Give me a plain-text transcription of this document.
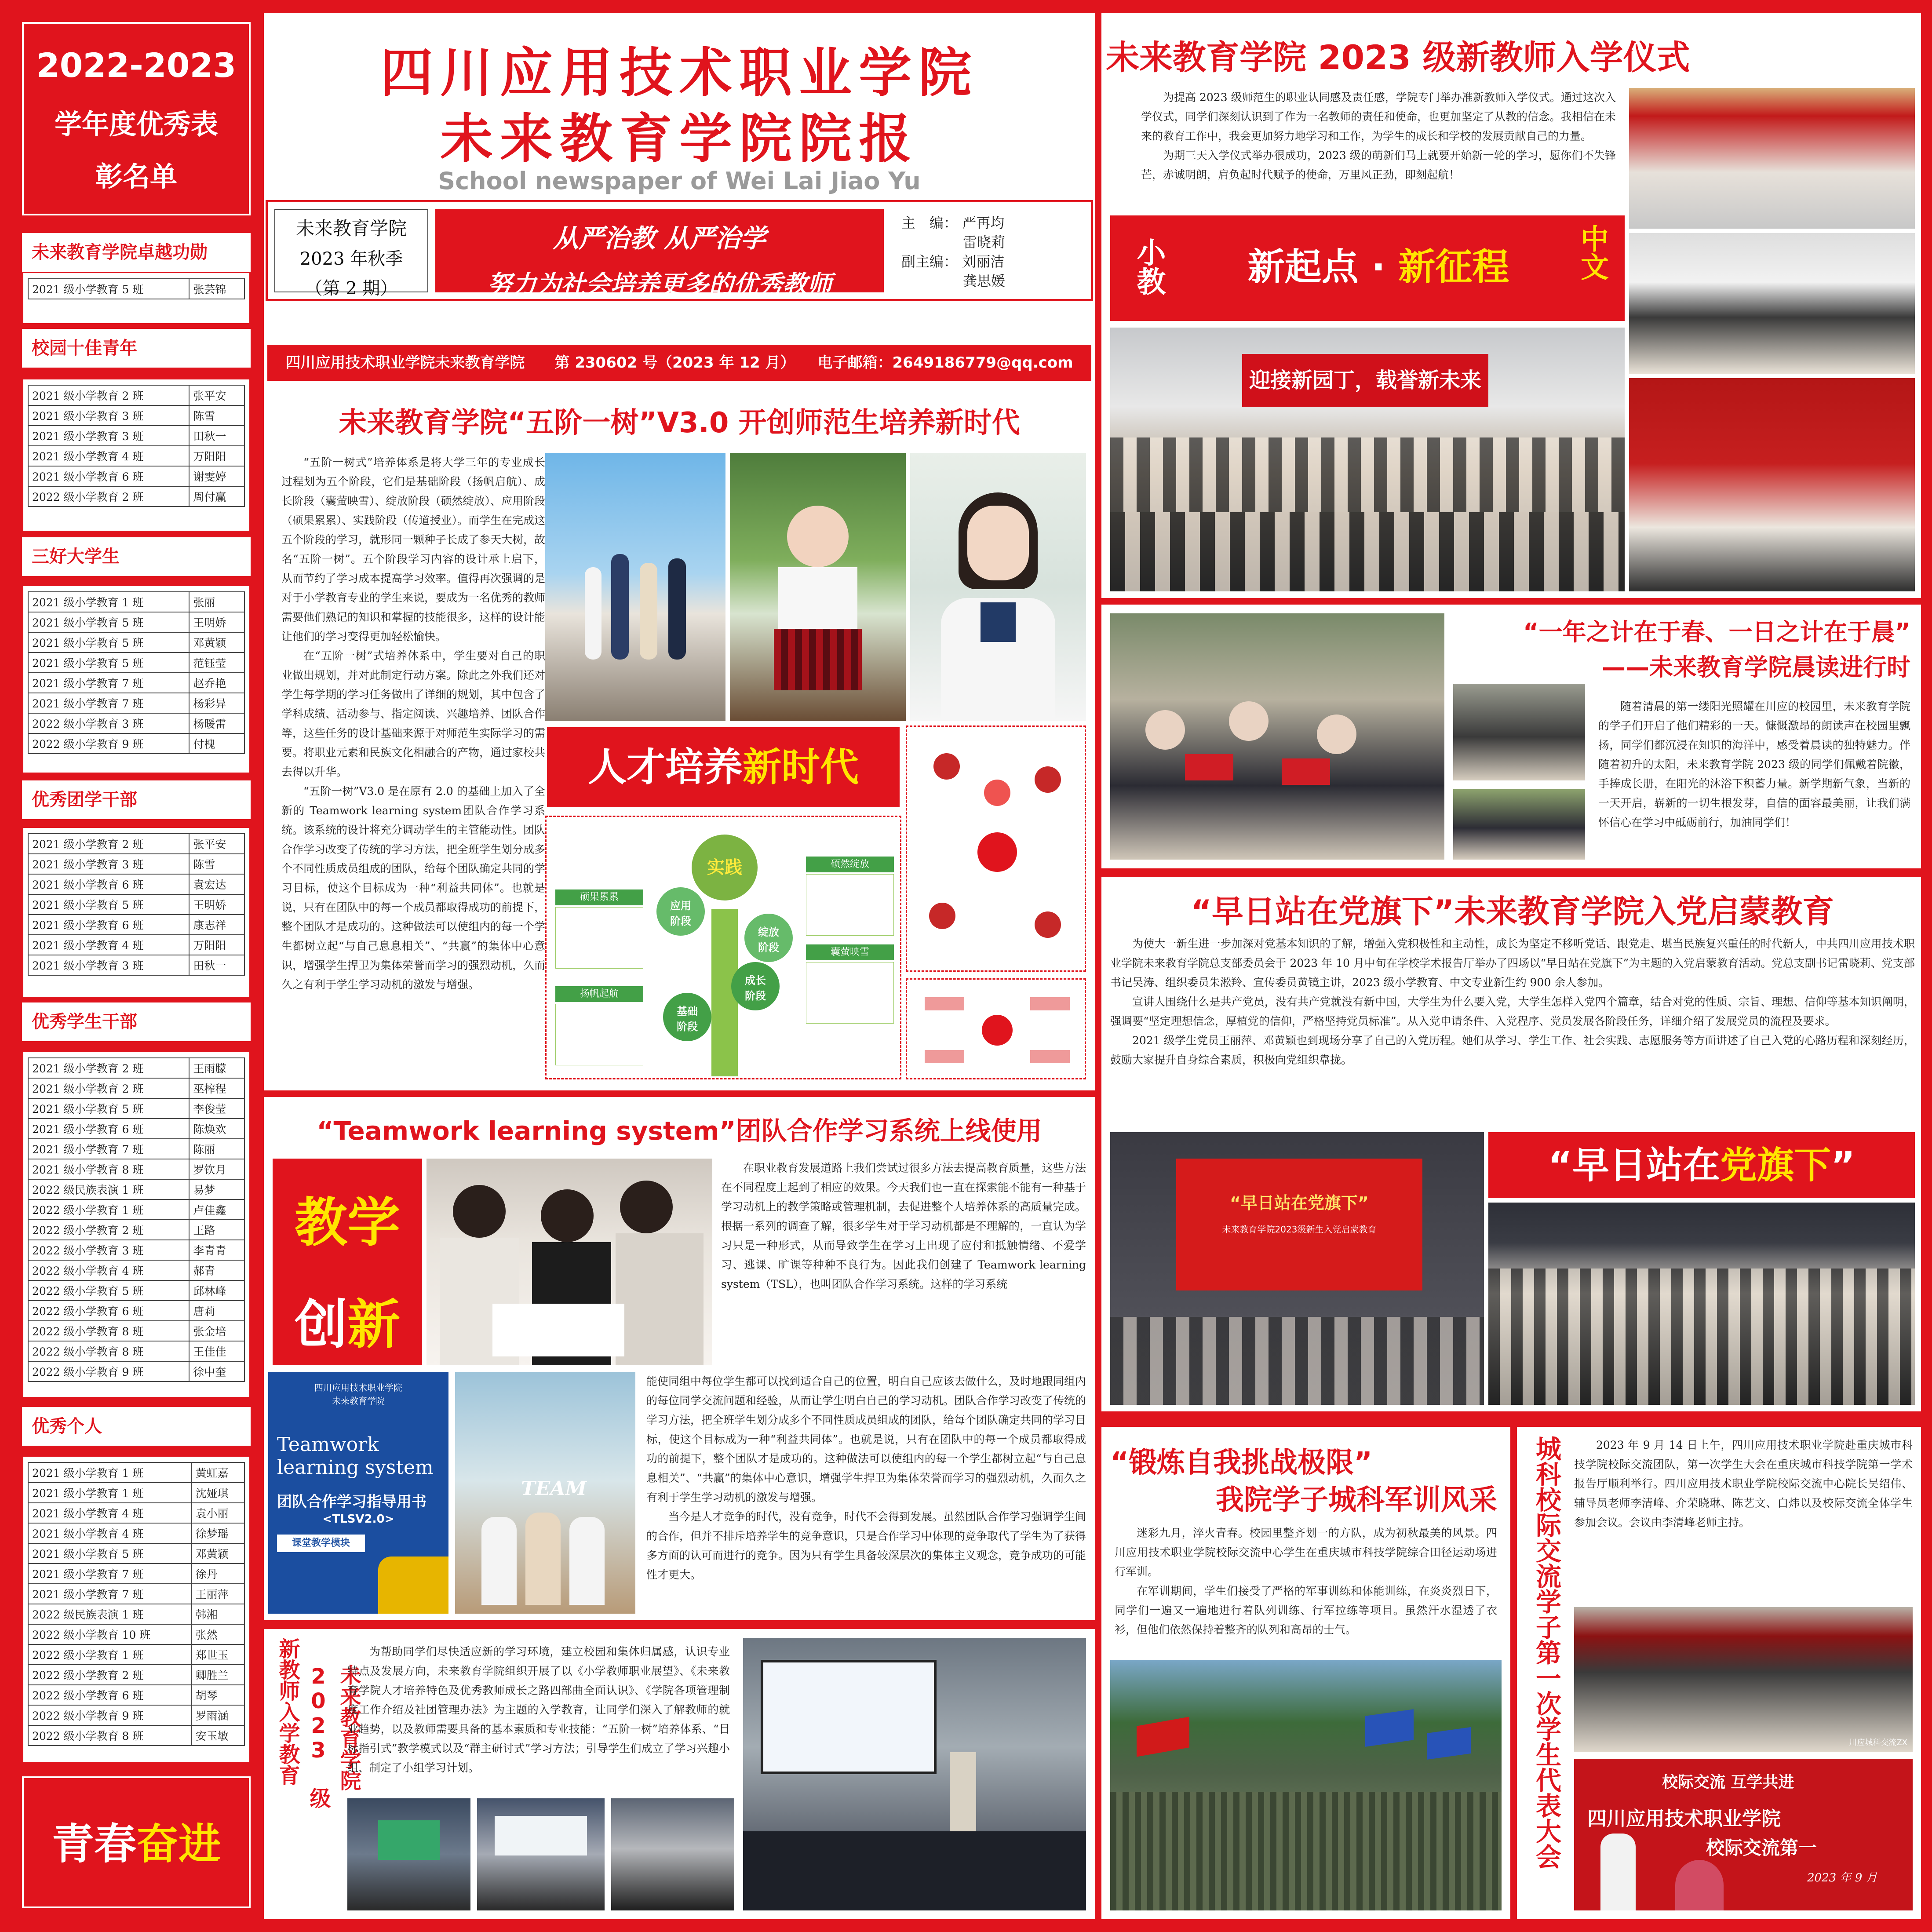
2022-2023
学年度优秀表
彰名单
未来教育学院卓越功勋
2021 级小学教育 5 班	张芸锦
校园十佳青年
2021 级小学教育 2 班	张平安
2021 级小学教育 3 班	陈雪
2021 级小学教育 3 班	田秋一
2021 级小学教育 4 班	万阳阳
2021 级小学教育 6 班	谢雯婷
2022 级小学教育 2 班	周付赢
三好大学生
2021 级小学教育 1 班	张丽
2021 级小学教育 5 班	王明娇
2021 级小学教育 5 班	邓黄颖
2021 级小学教育 5 班	范钰莹
2021 级小学教育 7 班	赵乔艳
2021 级小学教育 7 班	杨彩异
2022 级小学教育 3 班	杨暖雷
2022 级小学教育 9 班	付槐
优秀团学干部
2021 级小学教育 2 班	张平安
2021 级小学教育 3 班	陈雪
2021 级小学教育 6 班	袁宏达
2021 级小学教育 5 班	王明娇
2021 级小学教育 6 班	康志祥
2021 级小学教育 4 班	万阳阳
2021 级小学教育 3 班	田秋一
优秀学生干部
2021 级小学教育 2 班	王雨朦
2021 级小学教育 2 班	巫榨程
2021 级小学教育 5 班	李俊莹
2021 级小学教育 6 班	陈焕欢
2021 级小学教育 7 班	陈丽
2021 级小学教育 8 班	罗钦月
2022 级民族表演 1 班	易梦
2022 级小学教育 1 班	卢佳鑫
2022 级小学教育 2 班	王路
2022 级小学教育 3 班	李青青
2022 级小学教育 4 班	郝青
2022 级小学教育 5 班	邱林峰
2022 级小学教育 6 班	唐莉
2022 级小学教育 8 班	张金培
2022 级小学教育 8 班	王佳佳
2022 级小学教育 9 班	徐中奎
优秀个人
2021 级小学教育 1 班	黄虹嘉
2021 级小学教育 1 班	沈娅琪
2021 级小学教育 4 班	袁小丽
2021 级小学教育 4 班	徐梦瑶
2021 级小学教育 5 班	邓黄颖
2021 级小学教育 7 班	徐丹
2021 级小学教育 7 班	王丽萍
2022 级民族表演 1 班	韩湘
2022 级小学教育 10 班	张然
2022 级小学教育 1 班	郑世玉
2022 级小学教育 2 班	卿胜兰
2022 级小学教育 6 班	胡琴
2022 级小学教育 9 班	罗雨涵
2022 级小学教育 8 班	安玉敏
青春奋进
四川应用技术职业学院
未来教育学院院报
School newspaper of Wei Lai Jiao Yu
未来教育学院
2023 年秋季
（第 2 期）
从严治教 从严治学
努力为社会培养更多的优秀教师
主　编： 严再均
雷晓莉
副主编： 刘丽洁
龚思媛
四川应用技术职业学院未来教育学院　　第 230602 号（2023 年 12 月）　　电子邮箱：2649186779@qq.com
未来教育学院“五阶一树”V3.0 开创师范生培养新时代

“五阶一树式”培养体系是将大学三年的专业成长过程划为五个阶段，它们是基础阶段（扬帆启航）、成长阶段（囊萤映雪）、绽放阶段（硕然绽放）、应用阶段（硕果累累）、实践阶段（传道授业）。而学生在完成这五个阶段的学习，就形同一颗种子长成了参天大树，故名“五阶一树”。五个阶段学习内容的设计承上启下，从而节约了学习成本提高学习效率。值得再次强调的是对于小学教育专业的学生来说，要成为一名优秀的教师需要他们熟记的知识和掌握的技能很多，这样的设计能让他们的学习变得更加轻松愉快。

在“五阶一树”式培养体系中，学生要对自己的职业做出规划，并对此制定行动方案。除此之外我们还对学生每学期的学习任务做出了详细的规划，其中包含了学科成绩、活动参与、指定阅读、兴趣培养、团队合作等，这些任务的设计基础来源于对师范生实际学习的需要。将职业元素和民族文化相融合的产物，通过家校共去得以升华。

“五阶一树”V3.0 是在原有 2.0 的基础上加入了全新的 Teamwork learning system团队合作学习系统。该系统的设计将充分调动学生的主管能动性。团队合作学习改变了传统的学习方法，把全班学生划分成多个不同性质成员组成的团队，给每个团队确定共同的学习目标，使这个目标成为一种“利益共同体”。也就是说，只有在团队中的每一个成员都取得成功的前提下，整个团队才是成功的。这种做法可以使组内的每一个学生都树立起“与自己息息相关”、“共赢”的集体中心意识，增强学生捍卫为集体荣誉而学习的强烈动机，久而久之有利于学生学习动机的激发与增强。

人才培养新时代
实践
应用阶段
绽放阶段
成长阶段
基础阶段
硕果累累
硕然绽放
囊萤映雪
扬帆起航
“Teamwork learning system”团队合作学习系统上线使用
教学
创新

在职业教育发展道路上我们尝试过很多方法去提高教育质量，这些方法在不同程度上起到了相应的效果。今天我们也一直在探索能不能有一种基于学习动机上的教学策略或管理机制，去促进整个人培养体系的高质量完成。根据一系列的调查了解，很多学生对于学习动机都是不理解的，一直认为学习只是一种形式，从而导致学生在学习上出现了应付和抵触情绪、不爱学习、逃课、旷课等种种不良行为。因此我们创建了 Teamwork learning system（TSL），也叫团队合作学习系统。这样的学习系统

四川应用技术职业学院
未来教育学院
Teamwork
learning system
团队合作学习指导用书
<TLSV2.0>
课堂教学模块
TEAM

能使同组中每位学生都可以找到适合自己的位置，明白自己应该去做什么，及时地跟同组内的每位同学交流问题和经验，从而让学生明白自己的学习动机。团队合作学习改变了传统的学习方法，把全班学生划分成多个不同性质成员组成的团队，给每个团队确定共同的学习目标，使这个目标成为一种“利益共同体”。也就是说，只有在团队中的每一个成员都取得成功的前提下，整个团队才是成功的。这种做法可以使组内的每一个学生都树立起“与自己息息相关”、“共赢”的集体中心意识，增强学生捍卫为集体荣誉而学习的强烈动机，久而久之有利于学生学习动机的激发与增强。

当今是人才竞争的时代，没有竞争，时代不会得到发展。虽然团队合作学习强调学生间的合作，但并不排斥培养学生的竞争意识，只是合作学习中体现的竞争取代了学生为了获得多方面的认可而进行的竞争。因为只有学生具备较深层次的集体主义观念，竞争成功的可能性才更大。

新教师入学教育	未来教育学院 2023 级

为帮助同学们尽快适应新的学习环境，建立校园和集体归属感，认识专业特点及发展方向，未来教育学院组织开展了以《小学教师职业展望》、《未来教育学院人才培养特色及优秀教师成长之路四部曲全面认识》、《学院各项管理制度工作介绍及社团管理办法》为主题的入学教育，让同学们深入了解教师的就业趋势，以及教师需要具备的基本素质和专业技能：“五阶一树”培养体系、“目标指引式”教学模式以及“群主研讨式”学习方法；引导学生们成立了学习兴趣小组、制定了小组学习计划。

未来教育学院 2023 级新教师入学仪式

为提高 2023 级师范生的职业认同感及责任感，学院专门举办准新教师入学仪式。通过这次入学仪式，同学们深刻认识到了作为一名教师的责任和使命，也更加坚定了从教的信念。我相信在未来的教育工作中，我会更加努力地学习和工作，为学生的成长和学校的发展贡献自己的力量。

为期三天入学仪式举办很成功，2023 级的萌新们马上就要开始新一轮的学习，愿你们不失锋芒，赤诚明朗，肩负起时代赋予的使命，万里风正劲，即刻起航！

小教	新起点 · 新征程	中文
迎接新园丁，载誉新未来
“一年之计在于春、一日之计在于晨”
——未来教育学院晨读进行时

随着清晨的第一缕阳光照耀在川应的校园里，未来教育学院的学子们开启了他们精彩的一天。慷慨激昂的朗读声在校园里飘扬，同学们都沉浸在知识的海洋中，感受着晨读的独特魅力。伴随着初升的太阳，未来教育学院 2023 级的同学们佩戴着院徽，手捧成长册，在阳光的沐浴下积蓄力量。新学期新气象，当新的一天开启，崭新的一切生根发芽，自信的面容最美丽，让我们满怀信心在学习中砥砺前行，加油同学们！

“早日站在党旗下”未来教育学院入党启蒙教育

为使大一新生进一步加深对党基本知识的了解，增强入党积极性和主动性，成长为坚定不移听党话、跟党走、堪当民族复兴重任的时代新人，中共四川应用技术职业学院未来教育学院总支部委员会于 2023 年 10 月中旬在学校学术报告厅举办了四场以“早日站在党旗下”为主题的入党启蒙教育活动。党总支副书记雷晓莉、党支部书记吴涛、组织委员朱淞羚、宣传委员黄镜主讲，2023 级小学教育、中文专业新生约 900 余人参加。

宣讲人围绕什么是共产党员，没有共产党就没有新中国，大学生为什么要入党，大学生怎样入党四个篇章，结合对党的性质、宗旨、理想、信仰等基本知识阐明，强调要“坚定理想信念，厚植党的信仰，严格坚持党员标准”。从入党申请条件、入党程序、党员发展各阶段任务，详细介绍了发展党员的流程及要求。

2021 级学生党员王丽萍、邓黄颖也到现场分享了自己的入党历程。她们从学习、学生工作、社会实践、志愿服务等方面讲述了自己入党的心路历程和深刻经历，鼓励大家提升自身综合素质，积极向党组织靠拢。

“早日站在党旗下”
未来教育学院2023级新生入党启蒙教育
“早日站在党旗下”
“锻炼自我挑战极限”
我院学子城科军训风采

迷彩九月，淬火青春。校园里整齐划一的方队，成为初秋最美的风景。四川应用技术职业学院校际交流中心学生在重庆城市科技学院综合田径运动场进行军训。

在军训期间，学生们接受了严格的军事训练和体能训练，在炎炎烈日下，同学们一遍又一遍地进行着队列训练、行军拉练等项目。虽然汗水湿透了衣衫，但他们依然保持着整齐的队列和高昂的士气。	城科校际交流学子第一次学生代表大会	2023 年 9 月 14 日上午，四川应用技术职业学院赴重庆城市科技学院校际交流团队，第一次学生大会在重庆城市科技学院第一学术报告厅顺利举行。四川应用技术职业学院校际交流中心院长吴绍伟、辅导员老师李清峰、介荣晓琳、陈艺文、白炜以及校际交流全体学生参加会议。会议由李清峰老师主持。

川应城科交流ZX
校际交流 互学共进
四川应用技术职业学院
校际交流第一
2023 年 9 月
